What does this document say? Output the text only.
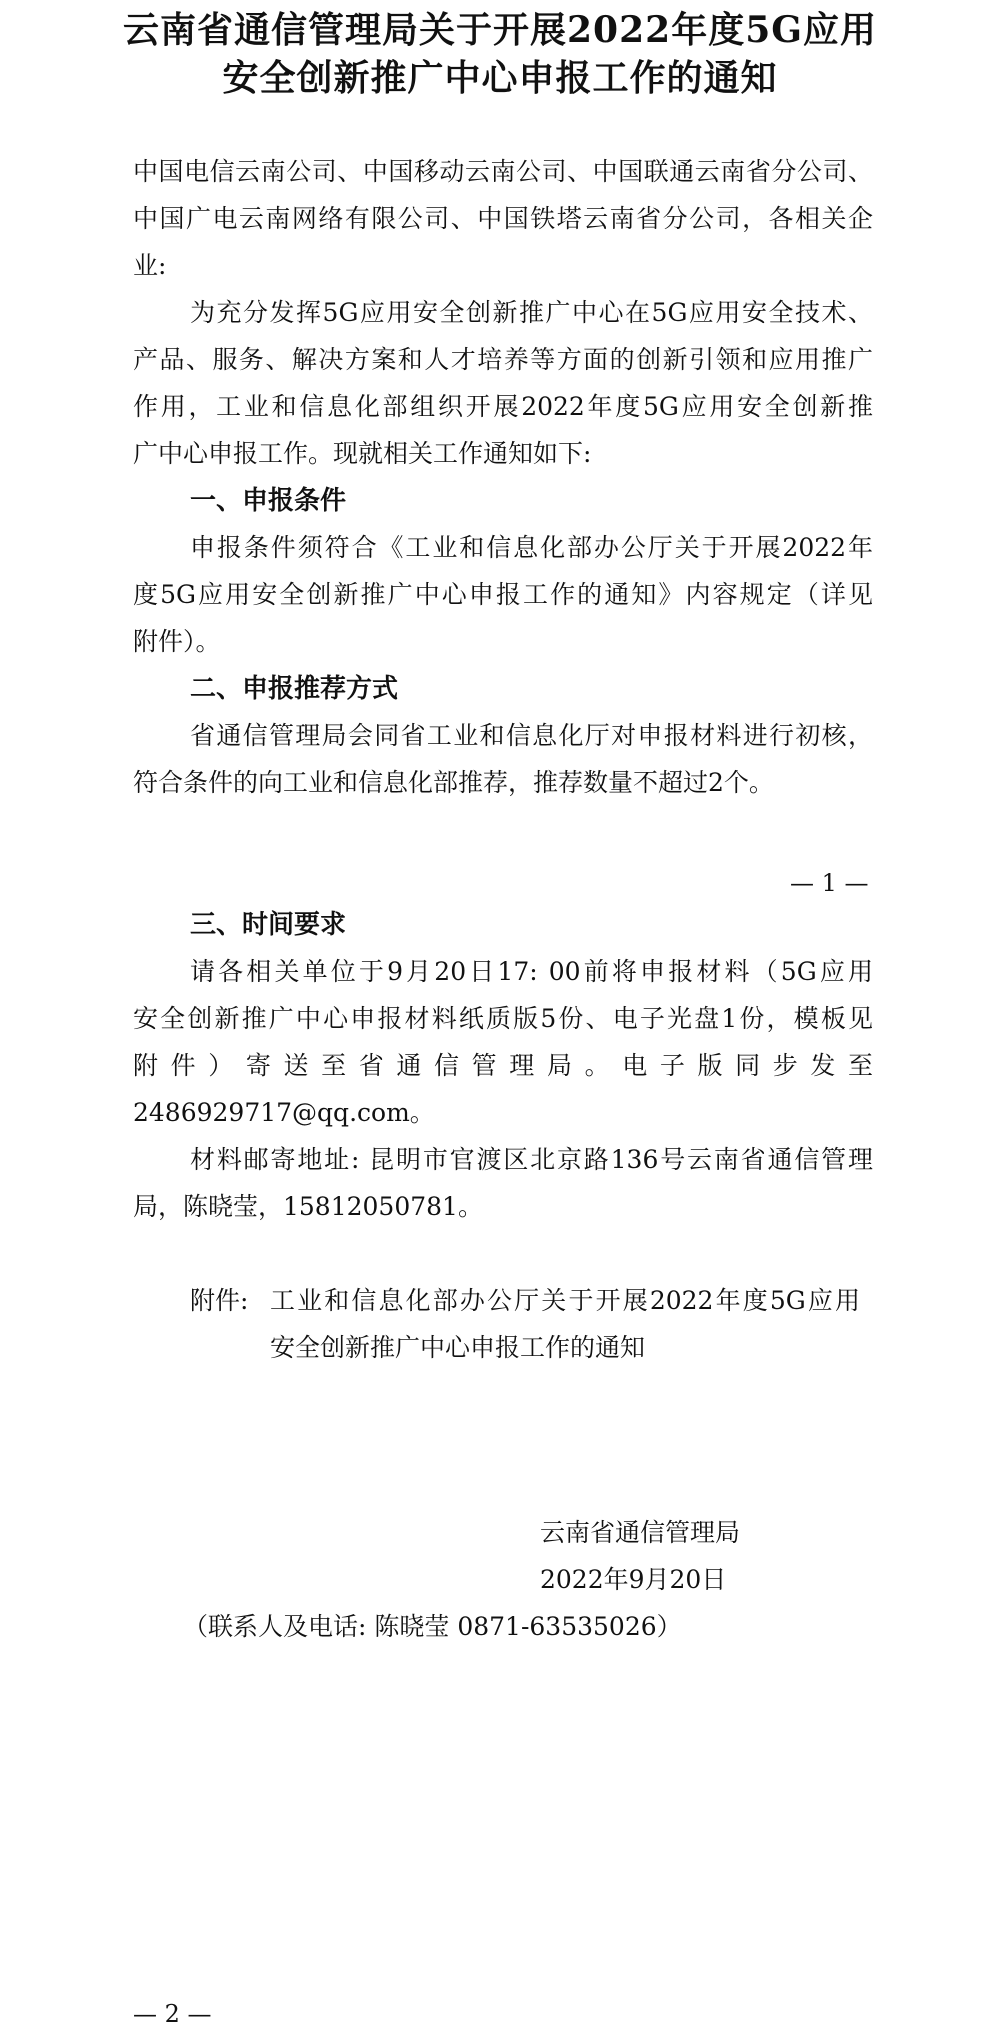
云南省通信管理局关于开展2022年度5G应用
安全创新推广中心申报工作的通知
中国电信云南公司、中国移动云南公司、中国联通云南省分公司、
中国广电云南网络有限公司、中国铁塔云南省分公司，各相关企
业:
为充分发挥5G应用安全创新推广中心在5G应用安全技术、
产品、服务、解决方案和人才培养等方面的创新引领和应用推广
作用，工业和信息化部组织开展2022年度5G应用安全创新推
广中心申报工作。现就相关工作通知如下:
一、申报条件
申报条件须符合《工业和信息化部办公厅关于开展2022年
度5G应用安全创新推广中心申报工作的通知》内容规定（详见
附件）。
二、申报推荐方式
省通信管理局会同省工业和信息化厅对申报材料进行初核，
符合条件的向工业和信息化部推荐，推荐数量不超过2个。
— 1 —
三、时间要求
请各相关单位于9月20日17: 00前将申报材料（5G应用
安全创新推广中心申报材料纸质版5份、电子光盘1份，模板见
附件）寄送至省通信管理局。电子版同步发至
2486929717@qq.com。
材料邮寄地址: 昆明市官渡区北京路136号云南省通信管理
局，陈晓莹，15812050781。
附件: 工业和信息化部办公厅关于开展2022年度5G应用
安全创新推广中心申报工作的通知
云南省通信管理局
2022年9月20日
（联系人及电话: 陈晓莹 0871-63535026）
— 2 —
